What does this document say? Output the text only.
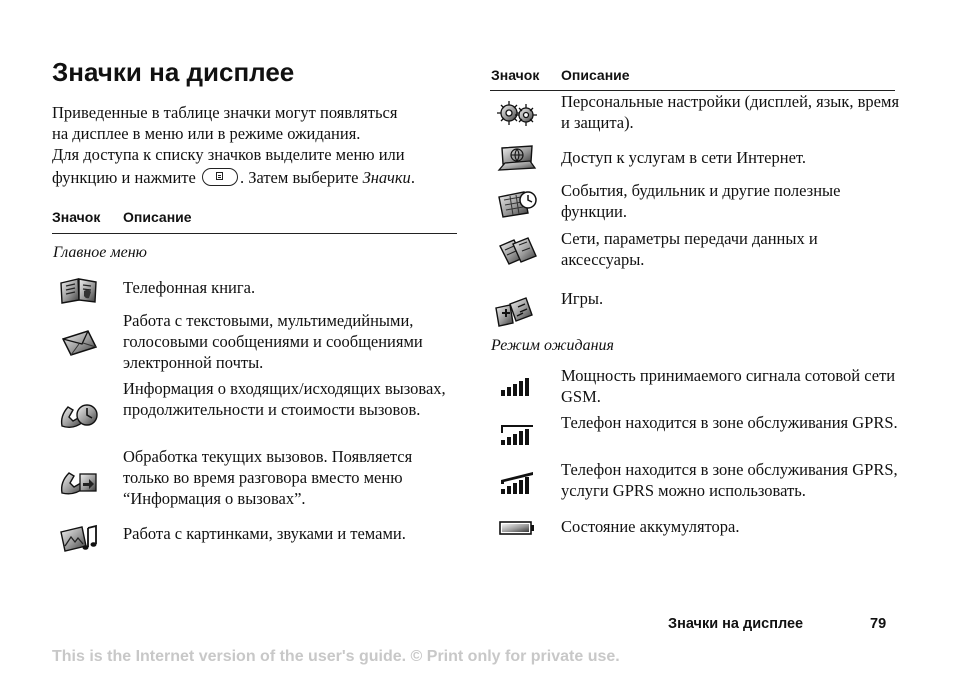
Значки на дисплее
Приведенные в таблице значки могут появляться
на дисплее в меню или в режиме ожидания.
Для доступа к списку значков выделите меню или
функцию и нажмите
. Затем выберите Значки.
Значок Описание
Главное меню
Телефонная книга.
Работа с текстовыми, мультимедийными, голосовыми сообщениями и сообщениями электронной почты.
Информация о входящих/исходящих вызовах, продолжительности и стоимости вызовов.
Обработка текущих вызовов. Появляется только во время разговора вместо меню “Информация о вызовах”.
Работа с картинками, звуками и темами.
Значок Описание
Персональные настройки (дисплей, язык, время и защита).
Доступ к услугам в сети Интернет.
События, будильник и другие полезные функции.
Сети, параметры передачи данных и аксессуары.
Игры.
Режим ожидания
Мощность принимаемого сигнала сотовой сети GSM.
Телефон находится в зоне обслуживания GPRS.
Телефон находится в зоне обслуживания GPRS, услуги GPRS можно использовать.
Состояние аккумулятора.
Значки на дисплее	79
This is the Internet version of the user's guide. © Print only for private use.
